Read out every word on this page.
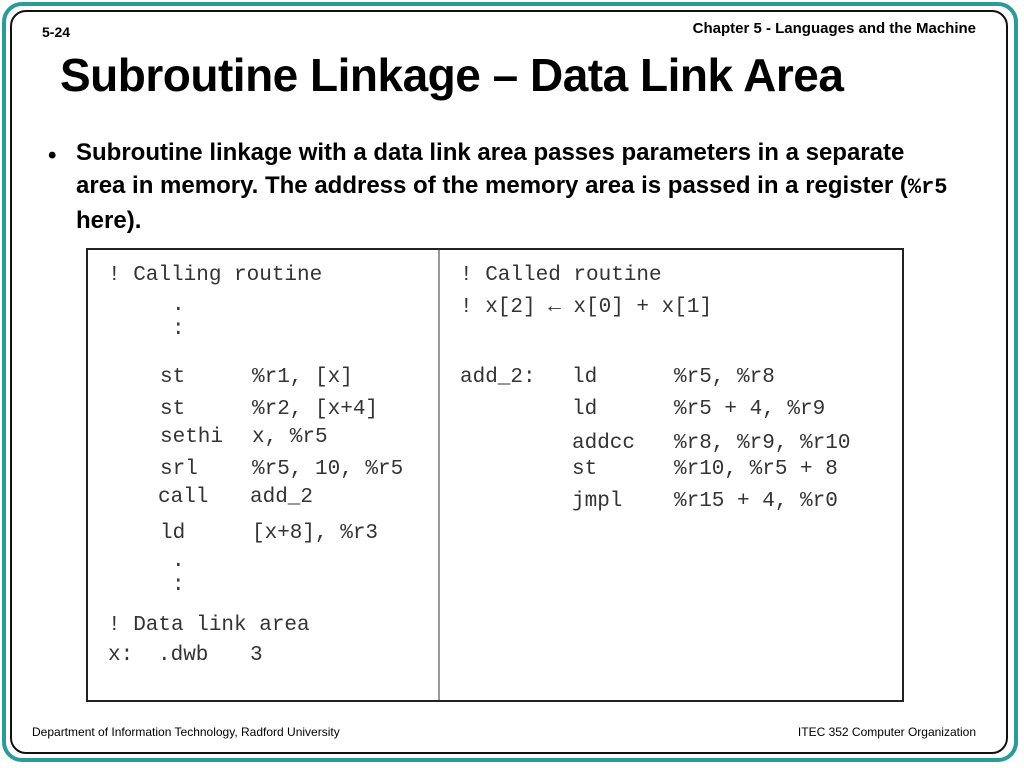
5-24	Chapter 5 - Languages and the Machine
Subroutine Linkage – Data Link Area
• Subroutine linkage with a data link area passes parameters in a separate area in memory. The address of the memory area is passed in a register (%r5 here).
! Calling routine
.
:
st	%r1, [x]
st	%r2, [x+4]
sethi x, %r5
srl	%r5, 10, %r5
call add_2
ld	[x+8], %r3
.
:
! Data link area
x: .dwb 3
! Called routine
! x[2] ← x[0] + x[1]
add_2: ld	%r5, %r8
ld	%r5 + 4, %r9
addcc %r8, %r9, %r10
st	%r10, %r5 + 8
jmpl %r15 + 4, %r0
Department of Information Technology, Radford University	ITEC 352 Computer Organization
